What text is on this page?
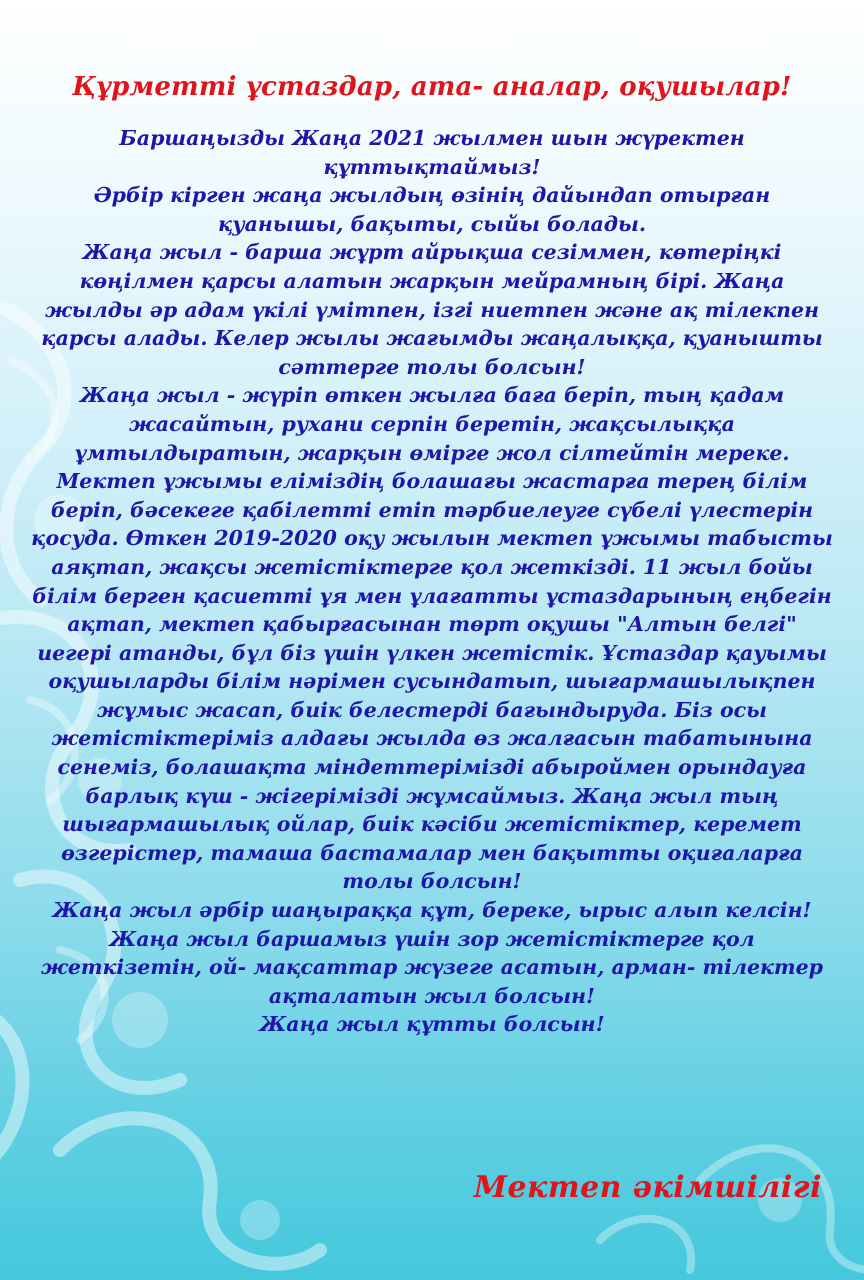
Құрметті ұстаздар, ата- аналар, оқушылар!

Баршаңызды Жаңа 2021 жылмен шын жүректен құттықтаймыз!

Әрбір кірген жаңа жылдың өзінің дайындап отырған қуанышы, бақыты, сыйы болады.

Жаңа жыл - барша жұрт айрықша сезіммен, көтеріңкі көңілмен қарсы алатын жарқын мейрамның бірі. Жаңа жылды әр адам үкілі үмітпен, ізгі ниетпен және ақ тілекпен қарсы алады. Келер жылы жағымды жаңалыққа, қуанышты сәттерге толы болсын!

Жаңа жыл - жүріп өткен жылға баға беріп, тың қадам жасайтын, рухани серпін беретін, жақсылыққа ұмтылдыратын, жарқын өмірге жол сілтейтін мереке. Мектеп ұжымы еліміздің болашағы жастарға терең білім беріп, бәсекеге қабілетті етіп тәрбиелеуге сүбелі үлестерін қосуда. Өткен 2019-2020 оқу жылын мектеп ұжымы табысты аяқтап, жақсы жетістіктерге қол жеткізді. 11 жыл бойы білім берген қасиетті ұя мен ұлағатты ұстаздарының еңбегін ақтап, мектеп қабырғасынан төрт оқушы "Алтын белгі" иегері атанды, бұл біз үшін үлкен жетістік. Ұстаздар қауымы оқушыларды білім нәрімен сусындатып, шығармашылықпен жұмыс жасап, биік белестерді бағындыруда. Біз осы жетістіктеріміз алдағы жылда өз жалғасын табатынына сенеміз, болашақта міндеттерімізді абыроймен орындауға барлық күш - жігерімізді жұмсаймыз. Жаңа жыл тың шығармашылық ойлар, биік кәсіби жетістіктер, керемет өзгерістер, тамаша бастамалар мен бақытты оқиғаларға толы болсын!

Жаңа жыл әрбір шаңыраққа құт, береке, ырыс алып келсін!

Жаңа жыл баршамыз үшін зор жетістіктерге қол жеткізетін, ой- мақсаттар жүзеге асатын, арман- тілектер ақталатын жыл болсын!

Жаңа жыл құтты болсын!

Мектеп әкімшілігі
